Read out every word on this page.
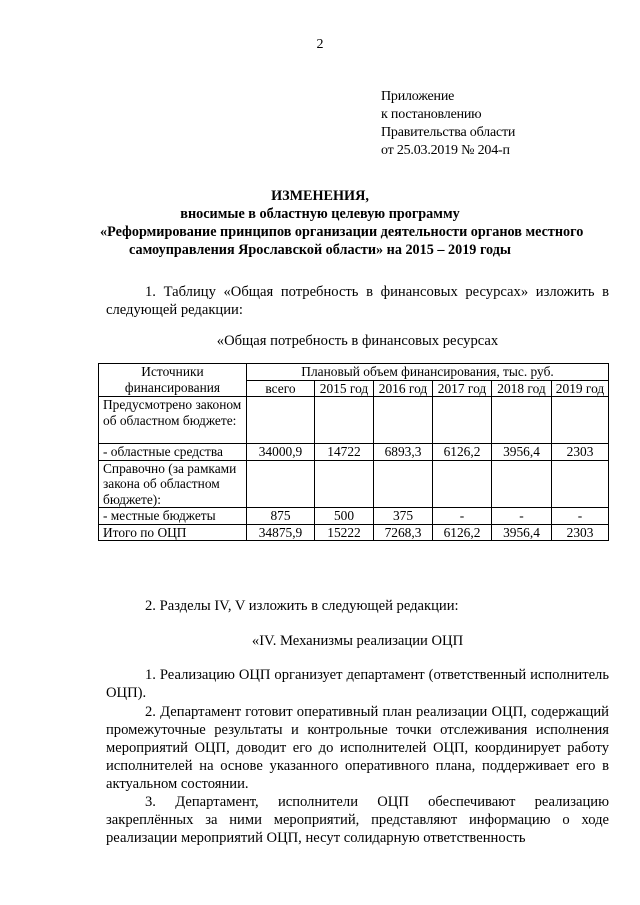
2
Приложение
к постановлению
Правительства области
от 25.03.2019 № 204-п
ИЗМЕНЕНИЯ,
вносимые в областную целевую программу
«Реформирование принципов организации деятельности органов местного
самоуправления Ярославской области» на 2015 – 2019 годы
1. Таблицу «Общая потребность в финансовых ресурсах» изложить в следующей редакции:
«Общая потребность в финансовых ресурсах
Источники финансирования	Плановый объем финансирования, тыс. руб.					
	всего	2015 год	2016 год	2017 год	2018 год	2019 год
Предусмотрено законом об областном бюджете:						
- областные средства	34000,9	14722	6893,3	6126,2	3956,4	2303
Справочно (за рамками закона об областном бюджете):						
- местные бюджеты	875	500	375	-	-	-
Итого по ОЦП	34875,9	15222	7268,3	6126,2	3956,4	2303
2. Разделы IV, V изложить в следующей редакции:
«IV. Механизмы реализации ОЦП
1. Реализацию ОЦП организует департамент (ответственный исполнитель ОЦП).
2. Департамент готовит оперативный план реализации ОЦП, содержащий промежуточные результаты и контрольные точки отслеживания исполнения мероприятий ОЦП, доводит его до исполнителей ОЦП, координирует работу исполнителей на основе указанного оперативного плана, поддерживает его в актуальном состоянии.
3. Департамент, исполнители ОЦП обеспечивают реализацию закреплённых за ними мероприятий, представляют информацию о ходе реализации мероприятий ОЦП, несут солидарную ответственность
